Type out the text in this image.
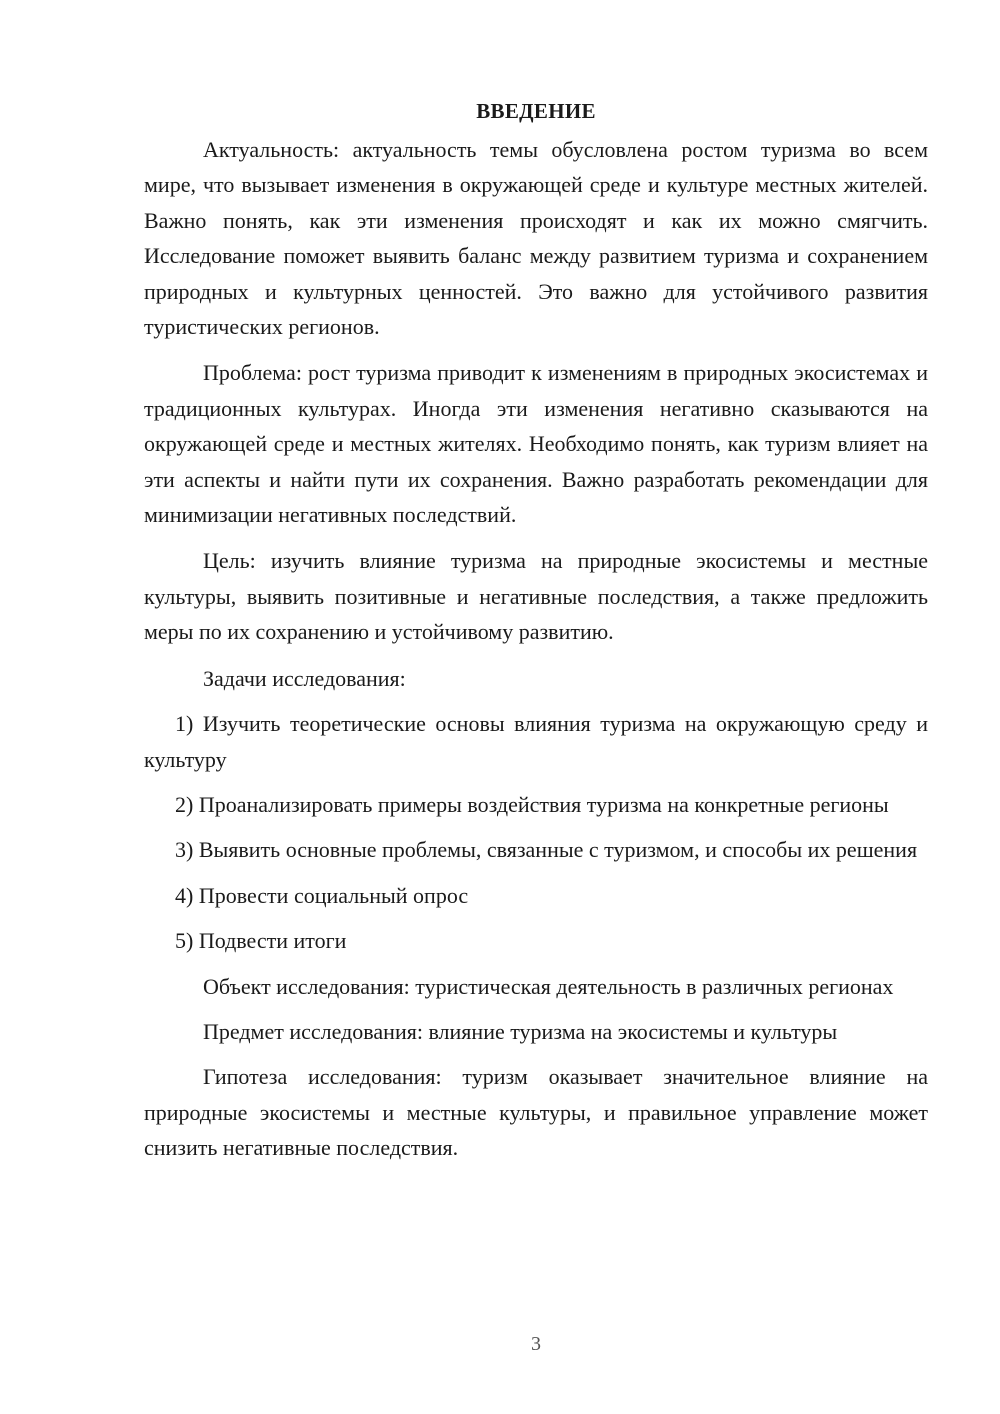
ВВЕДЕНИЕ

Актуальность: актуальность темы обусловлена ростом туризма во всем мире, что вызывает изменения в окружающей среде и культуре местных жителей. Важно понять, как эти изменения происходят и как их можно смягчить. Исследование поможет выявить баланс между развитием туризма и сохранением природных и культурных ценностей. Это важно для устойчивого развития туристических регионов.

Проблема: рост туризма приводит к изменениям в природных экосистемах и традиционных культурах. Иногда эти изменения негативно сказываются на окружающей среде и местных жителях. Необходимо понять, как туризм влияет на эти аспекты и найти пути их сохранения. Важно разработать рекомендации для минимизации негативных последствий.

Цель: изучить влияние туризма на природные экосистемы и местные культуры, выявить позитивные и негативные последствия, а также предложить меры по их сохранению и устойчивому развитию.

Задачи исследования:

1) Изучить теоретические основы влияния туризма на окружающую среду и культуру

2) Проанализировать примеры воздействия туризма на конкретные регионы

3) Выявить основные проблемы, связанные с туризмом, и способы их решения

4) Провести социальный опрос

5) Подвести итоги

Объект исследования: туристическая деятельность в различных регионах

Предмет исследования: влияние туризма на экосистемы и культуры

Гипотеза исследования: туризм оказывает значительное влияние на природные экосистемы и местные культуры, и правильное управление может снизить негативные последствия.

3
